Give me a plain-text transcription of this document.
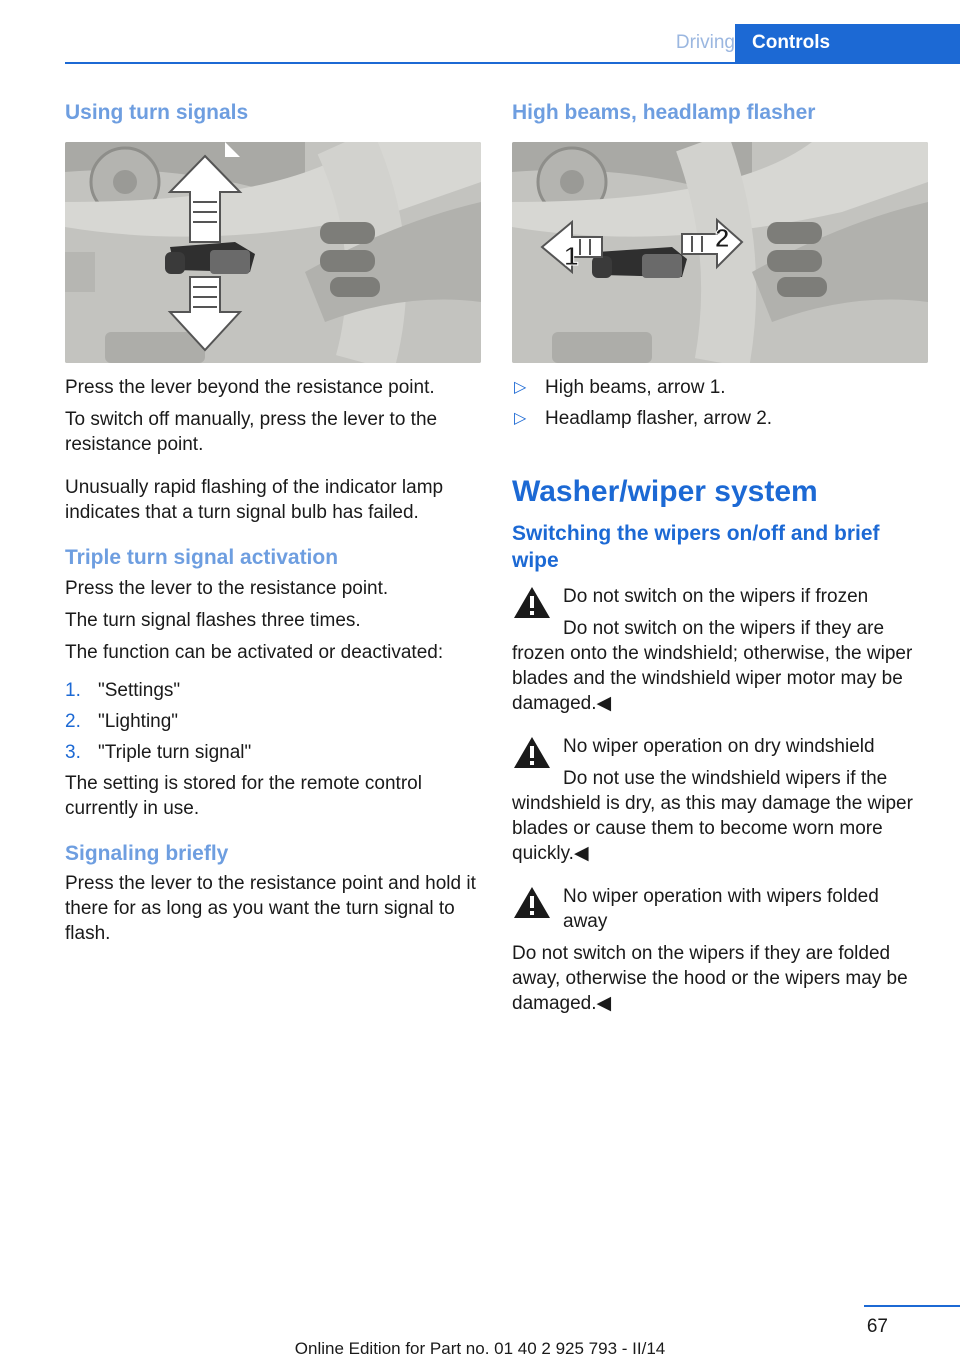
Driving Controls
Using turn signals

Press the lever beyond the resistance point.

To switch off manually, press the lever to the resistance point.

Unusually rapid flashing of the indicator lamp indicates that a turn signal bulb has failed.

Triple turn signal activation

Press the lever to the resistance point.

The turn signal flashes three times.

The function can be activated or deactivated:

1. "Settings"
2. "Lighting"
3. "Triple turn signal"

The setting is stored for the remote control currently in use.

Signaling briefly

Press the lever to the resistance point and hold it there for as long as you want the turn signal to flash.

High beams, headlamp flasher
1
2
▷ High beams, arrow 1.
▷ Headlamp flasher, arrow 2.
Washer/wiper system
Switching the wipers on/off and brief wipe

Do not switch on the wipers if frozen

Do not switch on the wipers if they are

frozen onto the windshield; otherwise, the wiper blades and the windshield wiper motor may be damaged.◀

No wiper operation on dry windshield

Do not use the windshield wipers if the

windshield is dry, as this may damage the wiper blades or cause them to become worn more quickly.◀

No wiper operation with wipers folded away

Do not switch on the wipers if they are folded away, otherwise the hood or the wipers may be damaged.◀

67
Online Edition for Part no. 01 40 2 925 793 - II/14
